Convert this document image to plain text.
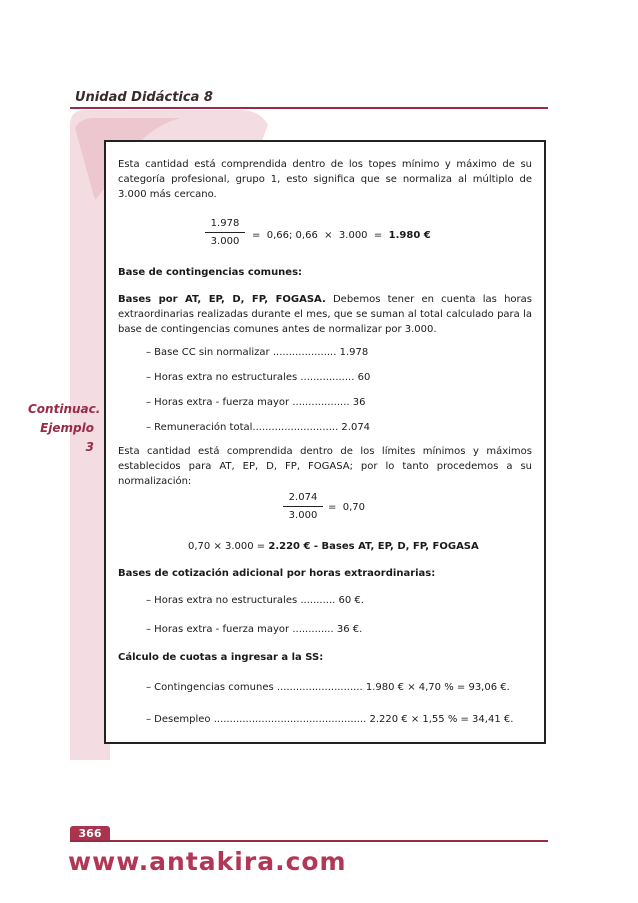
Unidad Didáctica 8
Continuac.
Ejemplo 3
Esta cantidad está comprendida dentro de los topes mínimo y máximo de su categoría profesional, grupo 1, esto significa que se normaliza al múltiplo de 3.000 más cercano.
1.978
3.000
=  0,66; 0,66  ×  3.000  =  1.980 €
Base de contingencias comunes:
Bases por AT, EP, D, FP, FOGASA. Debemos tener en cuenta las horas extraordinarias realizadas durante el mes, que se suman al total calculado para la base de contingencias comunes antes de normalizar por 3.000.
– Base CC sin normalizar .................... 1.978
– Horas extra no estructurales ................. 60
– Horas extra - fuerza mayor .................. 36
– Remuneración total........................... 2.074
Esta cantidad está comprendida dentro de los límites mínimos y máximos establecidos para AT, EP, D, FP, FOGASA; por lo tanto procedemos a su normalización:
2.074
3.000
=  0,70
0,70 × 3.000 = 2.220 € - Bases AT, EP, D, FP, FOGASA
Bases de cotización adicional por horas extraordinarias:
– Horas extra no estructurales ........... 60 €.
– Horas extra - fuerza mayor ............. 36 €.
Cálculo de cuotas a ingresar a la SS:
– Contingencias comunes ........................... 1.980 € × 4,70 % = 93,06 €.
– Desempleo ................................................ 2.220 € × 1,55 % = 34,41 €.
366
www.antakira.com
